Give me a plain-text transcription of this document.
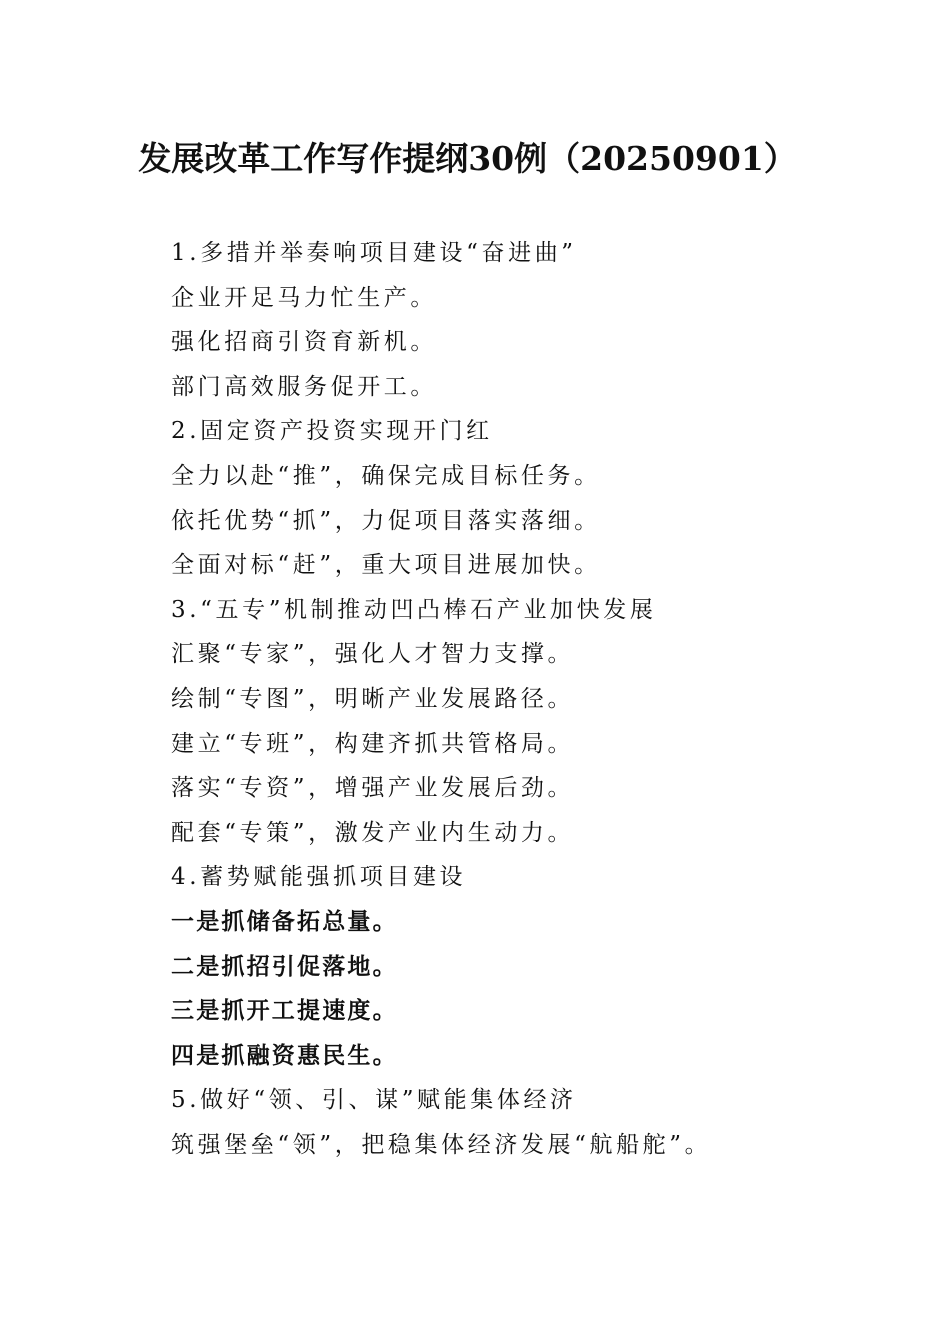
发展改革工作写作提纲30例（20250901）
1.多措并举奏响项目建设“奋进曲”
企业开足马力忙生产。
强化招商引资育新机。
部门高效服务促开工。
2.固定资产投资实现开门红
全力以赴“推”，确保完成目标任务。
依托优势“抓”，力促项目落实落细。
全面对标“赶”，重大项目进展加快。
3.“五专”机制推动凹凸棒石产业加快发展
汇聚“专家”，强化人才智力支撑。
绘制“专图”，明晰产业发展路径。
建立“专班”，构建齐抓共管格局。
落实“专资”，增强产业发展后劲。
配套“专策”，激发产业内生动力。
4.蓄势赋能强抓项目建设
一是抓储备拓总量。
二是抓招引促落地。
三是抓开工提速度。
四是抓融资惠民生。
5.做好“领、引、谋”赋能集体经济
筑强堡垒“领”，把稳集体经济发展“航船舵”。
